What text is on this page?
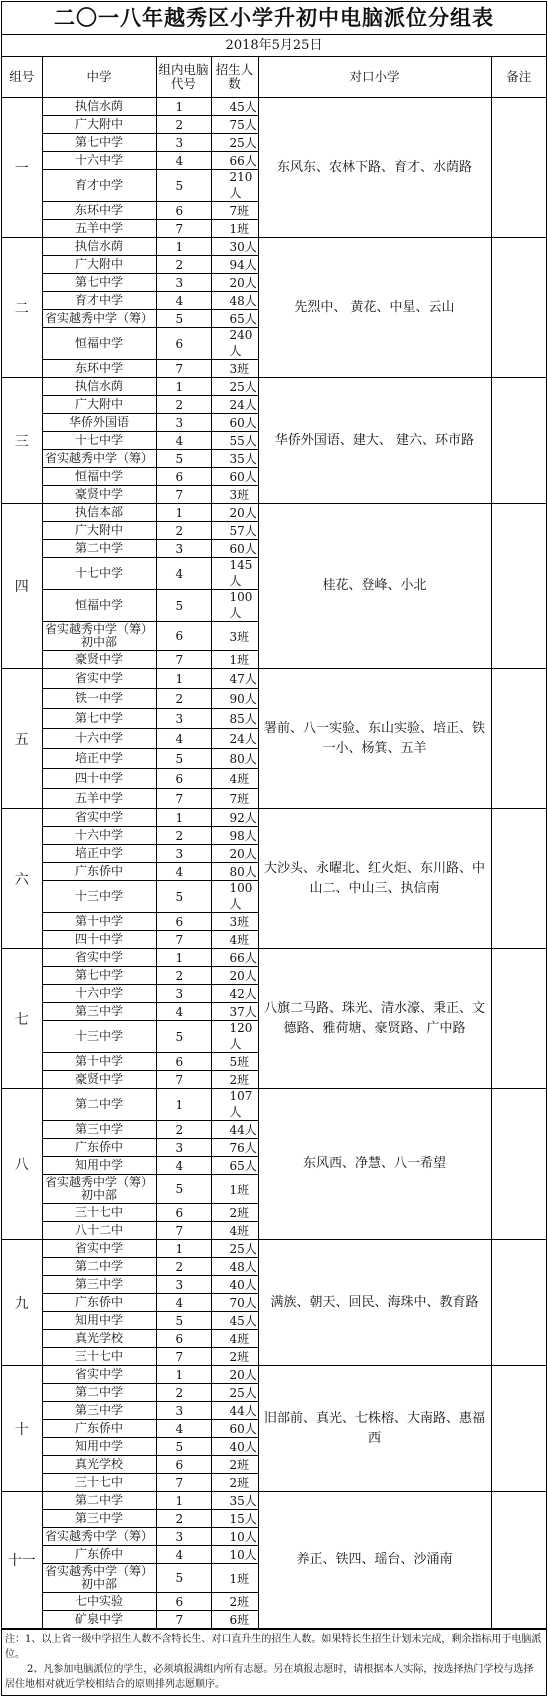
二〇一八年越秀区小学升初中电脑派位分组表
2018年5月25日
组号	中学	组内电脑代号	招生人数	对口小学	备注
一	执信水荫	1	45人	东风东、农林下路、育才、水荫路	
	广大附中	2	75人		
	第七中学	3	25人		
	十六中学	4	66人		
	育才中学	5	210人		
	东环中学	6	7班		
	五羊中学	7	1班		
二	执信水荫	1	30人	先烈中、 黄花、中星、云山	
	广大附中	2	94人		
	第七中学	3	20人		
	育才中学	4	48人		
	省实越秀中学（筹）	5	65人		
	恒福中学	6	240人		
	东环中学	7	3班		
三	执信水荫	1	25人	华侨外国语、建大、 建六、环市路	
	广大附中	2	24人		
	华侨外国语	3	60人		
	十七中学	4	55人		
	省实越秀中学（筹）	5	35人		
	恒福中学	6	60人		
	豪贤中学	7	3班		
四	执信本部	1	20人	桂花、登峰、小北	
	广大附中	2	57人		
	第二中学	3	60人		
	十七中学	4	145人		
	恒福中学	5	100人		
	省实越秀中学（筹）初中部	6	3班		
	豪贤中学	7	1班		
五	省实中学	1	47人	署前、八一实验、东山实验、培正、铁一小、杨箕、五羊	
	铁一中学	2	90人		
	第七中学	3	85人		
	十六中学	4	24人		
	培正中学	5	80人		
	四十中学	6	4班		
	五羊中学	7	7班		
六	省实中学	1	92人	大沙头、永曜北、红火炬、东川路、中山二、中山三、执信南	
	十六中学	2	98人		
	培正中学	3	20人		
	广东侨中	4	80人		
	十三中学	5	100人		
	第十中学	6	3班		
	四十中学	7	4班		
七	省实中学	1	66人	八旗二马路、珠光、清水濠、秉正、文德路、雅荷塘、豪贤路、广中路	
	第七中学	2	20人		
	十六中学	3	42人		
	第三中学	4	37人		
	十三中学	5	120人		
	第十中学	6	5班		
	豪贤中学	7	2班		
八	第二中学	1	107人	东风西、净慧、八一希望	
	第三中学	2	44人		
	广东侨中	3	76人		
	知用中学	4	65人		
	省实越秀中学（筹）初中部	5	1班		
	三十七中	6	2班		
	八十二中	7	4班		
九	省实中学	1	25人	满族、朝天、回民、海珠中、教育路	
	第二中学	2	48人		
	第三中学	3	40人		
	广东侨中	4	70人		
	知用中学	5	45人		
	真光学校	6	4班		
	三十七中	7	2班		
十	省实中学	1	20人	旧部前、真光、七株榕、大南路、惠福西	
	第二中学	2	25人		
	第三中学	3	44人		
	广东侨中	4	60人		
	知用中学	5	40人		
	真光学校	6	2班		
	三十七中	7	2班		
十一	第二中学	1	35人	养正、铁四、瑶台、沙涌南	
	第三中学	2	15人		
	省实越秀中学（筹）	3	10人		
	广东侨中	4	10人		
	省实越秀中学（筹）初中部	5	1班		
	七中实验	6	2班		
	矿泉中学	7	6班		

注：1、以上省一级中学招生人数不含特长生、对口直升生的招生人数。如果特长生招生计划未完成，剩余指标用于电脑派位。

2、凡参加电脑派位的学生，必须填报满组内所有志愿。另在填报志愿时，请根据本人实际，按选择热门学校与选择居住地相对就近学校相结合的原则排列志愿顺序。
